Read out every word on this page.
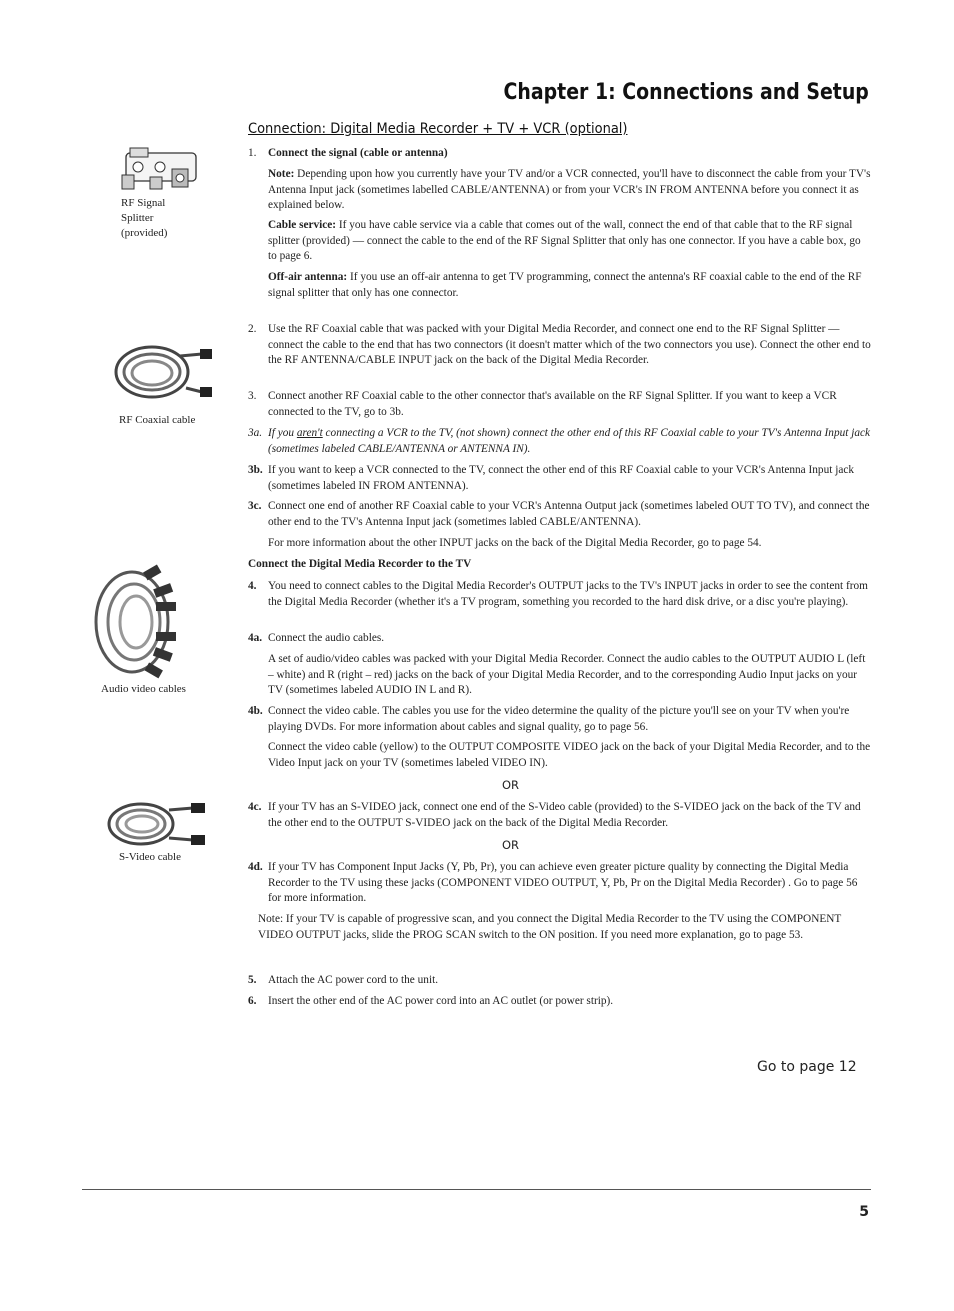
Chapter 1: Connections and Setup
Connection: Digital Media Recorder + TV + VCR (optional)
RF Signal
Splitter
(provided)
RF Coaxial cable
Audio video cables
S-Video cable
1. Connect the signal (cable or antenna)
Note: Depending upon how you currently have your TV and/or a VCR connected, you'll have to disconnect the cable from your TV's Antenna Input jack (sometimes labelled CABLE/ANTENNA) or from your VCR's IN FROM ANTENNA before you connect it as explained below.
Cable service: If you have cable service via a cable that comes out of the wall, connect the end of that cable that to the RF signal splitter (provided) — connect the cable to the end of the RF Signal Splitter that only has one connector. If you have a cable box, go to page 6.
Off-air antenna: If you use an off-air antenna to get TV programming, connect the antenna's RF coaxial cable to the end of the RF signal splitter that only has one connector.
2. Use the RF Coaxial cable that was packed with your Digital Media Recorder, and connect one end to the RF Signal Splitter — connect the cable to the end that has two connectors (it doesn't matter which of the two connectors you use). Connect the other end to the RF ANTENNA/CABLE INPUT jack on the back of the Digital Media Recorder.
3. Connect another RF Coaxial cable to the other connector that's available on the RF Signal Splitter. If you want to keep a VCR connected to the TV, go to 3b.
3a. If you aren't connecting a VCR to the TV, (not shown) connect the other end of this RF Coaxial cable to your TV's Antenna Input jack (sometimes labeled CABLE/ANTENNA or ANTENNA IN).
3b. If you want to keep a VCR connected to the TV, connect the other end of this RF Coaxial cable to your VCR's Antenna Input jack (sometimes labeled IN FROM ANTENNA).
3c. Connect one end of another RF Coaxial cable to your VCR's Antenna Output jack (sometimes labeled OUT TO TV), and connect the other end to the TV's Antenna Input jack (sometimes labled CABLE/ANTENNA).
For more information about the other INPUT jacks on the back of the Digital Media Recorder, go to page 54.
Connect the Digital Media Recorder to the TV
4. You need to connect cables to the Digital Media Recorder's OUTPUT jacks to the TV's INPUT jacks in order to see the content from the Digital Media Recorder (whether it's a TV program, something you recorded to the hard disk drive, or a disc you're playing).
4a. Connect the audio cables.
A set of audio/video cables was packed with your Digital Media Recorder. Connect the audio cables to the OUTPUT AUDIO L (left – white) and R (right – red) jacks on the back of your Digital Media Recorder, and to the corresponding Audio Input jacks on your TV (sometimes labeled AUDIO IN L and R).
4b. Connect the video cable. The cables you use for the video determine the quality of the picture you'll see on your TV when you're playing DVDs. For more information about cables and signal quality, go to page 56.
Connect the video cable (yellow) to the OUTPUT COMPOSITE VIDEO jack on the back of your Digital Media Recorder, and to the Video Input jack on your TV (sometimes labeled VIDEO IN).
OR
4c. If your TV has an S-VIDEO jack, connect one end of the S-Video cable (provided) to the S-VIDEO jack on the back of the TV and the other end to the OUTPUT S-VIDEO jack on the back of the Digital Media Recorder.
OR
4d. If your TV has Component Input Jacks (Y, Pb, Pr), you can achieve even greater picture quality by connecting the Digital Media Recorder to the TV using these jacks (COMPONENT VIDEO OUTPUT, Y, Pb, Pr on the Digital Media Recorder) . Go to page 56 for more information.
Note: If your TV is capable of progressive scan, and you connect the Digital Media Recorder to the TV using the COMPONENT VIDEO OUTPUT jacks, slide the PROG SCAN switch to the ON position. If you need more explanation, go to page 53.
5. Attach the AC power cord to the unit.
6. Insert the other end of the AC power cord into an AC outlet (or power strip).
Go to page 12
5
